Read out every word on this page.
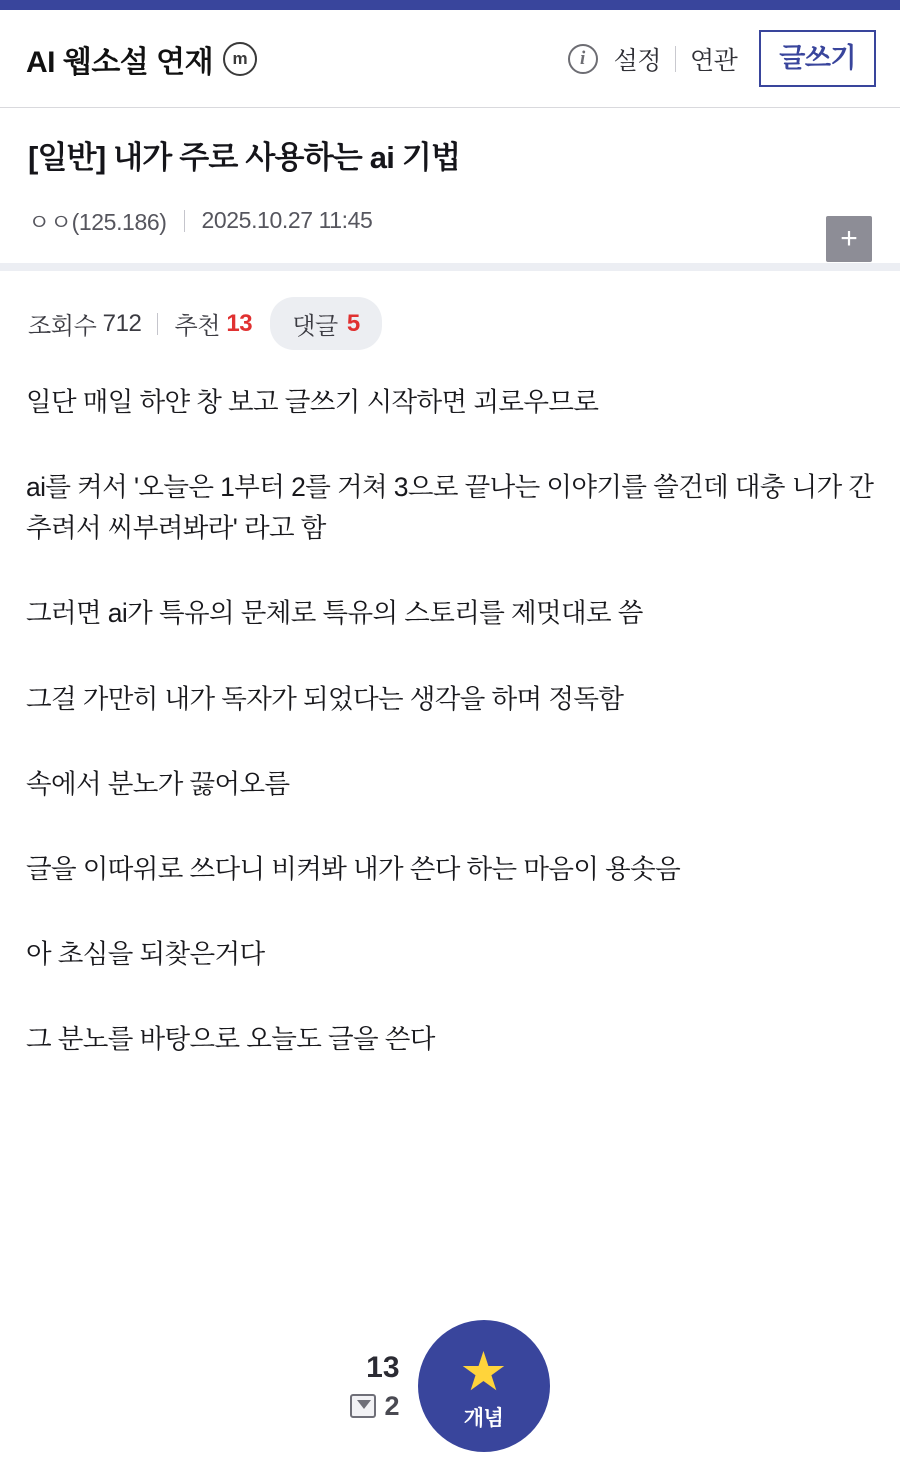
AI 웹소설 연재	m	i	설정 연관	글쓰기
[일반] 내가 주로 사용하는 ai 기법
ㅇㅇ(125.186) 2025.10.27 11:45
+
조회수
712 추천
13 댓글 5

일단 매일 하얀 창 보고 글쓰기 시작하면 괴로우므로

ai를 켜서 '오늘은 1부터 2를 거쳐 3으로 끝나는 이야기를 쓸건데 대충 니가 간추려서 씨부려봐라' 라고 함

그러면 ai가 특유의 문체로 특유의 스토리를 제멋대로 씀

그걸 가만히 내가 독자가 되었다는 생각을 하며 정독함

속에서 분노가 끓어오름

글을 이따위로 쓰다니 비켜봐 내가 쓴다 하는 마음이 용솟음

아 초심을 되찾은거다

그 분노를 바탕으로 오늘도 글을 쓴다

13
2
★
개념
